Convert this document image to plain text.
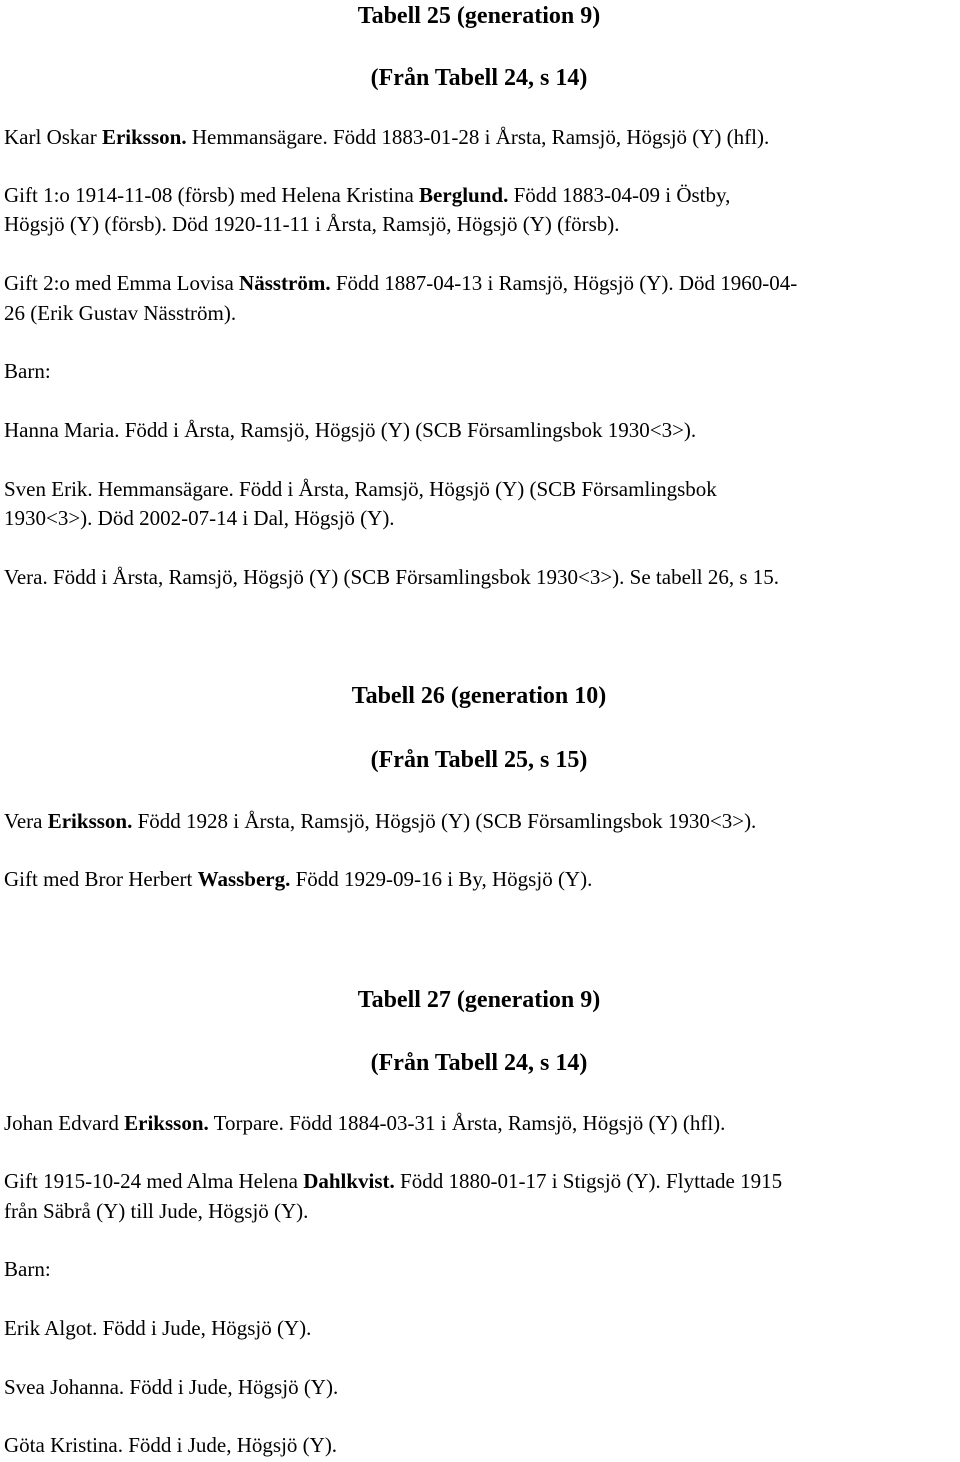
Tabell 25 (generation 9)
(Från Tabell 24, s 14)
Karl Oskar Eriksson. Hemmansägare. Född 1883-01-28 i Årsta, Ramsjö, Högsjö (Y) (hfl).
Gift 1:o 1914-11-08 (försb) med Helena Kristina Berglund. Född 1883-04-09 i Östby,
Högsjö (Y) (försb). Död 1920-11-11 i Årsta, Ramsjö, Högsjö (Y) (försb).
Gift 2:o med Emma Lovisa Näsström. Född 1887-04-13 i Ramsjö, Högsjö (Y). Död 1960-04-
26 (Erik Gustav Näsström).
Barn:
Hanna Maria. Född i Årsta, Ramsjö, Högsjö (Y) (SCB Församlingsbok 1930<3>).
Sven Erik. Hemmansägare. Född i Årsta, Ramsjö, Högsjö (Y) (SCB Församlingsbok
1930<3>). Död 2002-07-14 i Dal, Högsjö (Y).
Vera. Född i Årsta, Ramsjö, Högsjö (Y) (SCB Församlingsbok 1930<3>). Se tabell 26, s 15.
Tabell 26 (generation 10)
(Från Tabell 25, s 15)
Vera Eriksson. Född 1928 i Årsta, Ramsjö, Högsjö (Y) (SCB Församlingsbok 1930<3>).
Gift med Bror Herbert Wassberg. Född 1929-09-16 i By, Högsjö (Y).
Tabell 27 (generation 9)
(Från Tabell 24, s 14)
Johan Edvard Eriksson. Torpare. Född 1884-03-31 i Årsta, Ramsjö, Högsjö (Y) (hfl).
Gift 1915-10-24 med Alma Helena Dahlkvist. Född 1880-01-17 i Stigsjö (Y). Flyttade 1915
från Säbrå (Y) till Jude, Högsjö (Y).
Barn:
Erik Algot. Född i Jude, Högsjö (Y).
Svea Johanna. Född i Jude, Högsjö (Y).
Göta Kristina. Född i Jude, Högsjö (Y).
